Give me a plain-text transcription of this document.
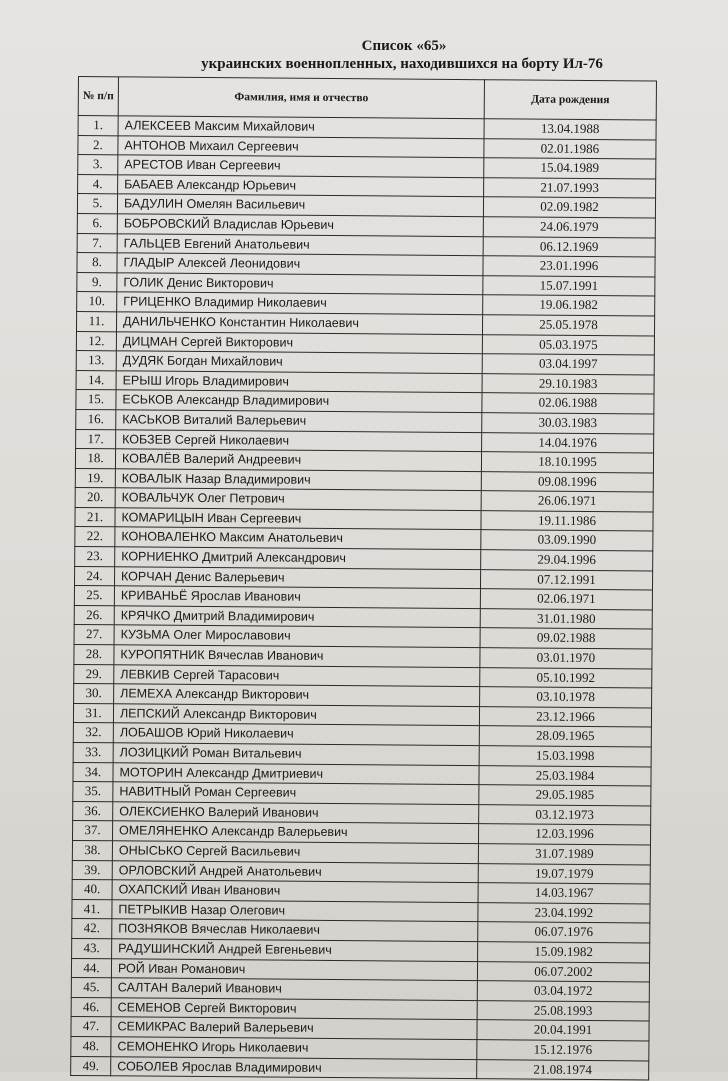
Список «65»
украинских военнопленных, находившихся на борту Ил-76
№ п/п	Фамилия, имя и отчество	Дата рождения
1.	АЛЕКСЕЕВ Максим Михайлович	13.04.1988
2.	АНТОНОВ Михаил Сергеевич	02.01.1986
3.	АРЕСТОВ Иван Сергеевич	15.04.1989
4.	БАБАЕВ Александр Юрьевич	21.07.1993
5.	БАДУЛИН Омелян Васильевич	02.09.1982
6.	БОБРОВСКИЙ Владислав Юрьевич	24.06.1979
7.	ГАЛЬЦЕВ Евгений Анатольевич	06.12.1969
8.	ГЛАДЫР Алексей Леонидович	23.01.1996
9.	ГОЛИК Денис Викторович	15.07.1991
10.	ГРИЦЕНКО Владимир Николаевич	19.06.1982
11.	ДАНИЛЬЧЕНКО Константин Николаевич	25.05.1978
12.	ДИЦМАН Сергей Викторович	05.03.1975
13.	ДУДЯК Богдан Михайлович	03.04.1997
14.	ЕРЫШ Игорь Владимирович	29.10.1983
15.	ЕСЬКОВ Александр Владимирович	02.06.1988
16.	КАСЬКОВ Виталий Валерьевич	30.03.1983
17.	КОБЗЕВ Сергей Николаевич	14.04.1976
18.	КОВАЛЁВ Валерий Андреевич	18.10.1995
19.	КОВАЛЫК Назар Владимирович	09.08.1996
20.	КОВАЛЬЧУК Олег Петрович	26.06.1971
21.	КОМАРИЦЫН Иван Сергеевич	19.11.1986
22.	КОНОВАЛЕНКО Максим Анатольевич	03.09.1990
23.	КОРНИЕНКО Дмитрий Александрович	29.04.1996
24.	КОРЧАН Денис Валерьевич	07.12.1991
25.	КРИВАНЬЁ Ярослав Иванович	02.06.1971
26.	КРЯЧКО Дмитрий Владимирович	31.01.1980
27.	КУЗЬМА Олег Мирославович	09.02.1988
28.	КУРОПЯТНИК Вячеслав Иванович	03.01.1970
29.	ЛЕВКИВ Сергей Тарасович	05.10.1992
30.	ЛЕМЕХА Александр Викторович	03.10.1978
31.	ЛЕПСКИЙ Александр Викторович	23.12.1966
32.	ЛОБАШОВ Юрий Николаевич	28.09.1965
33.	ЛОЗИЦКИЙ Роман Витальевич	15.03.1998
34.	МОТОРИН Александр Дмитриевич	25.03.1984
35.	НАВИТНЫЙ Роман Сергеевич	29.05.1985
36.	ОЛЕКСИЕНКО Валерий Иванович	03.12.1973
37.	ОМЕЛЯНЕНКО Александр Валерьевич	12.03.1996
38.	ОНЫСЬКО Сергей Васильевич	31.07.1989
39.	ОРЛОВСКИЙ Андрей Анатольевич	19.07.1979
40.	ОХАПСКИЙ Иван Иванович	14.03.1967
41.	ПЕТРЫКИВ Назар Олегович	23.04.1992
42.	ПОЗНЯКОВ Вячеслав Николаевич	06.07.1976
43.	РАДУШИНСКИЙ Андрей Евгеньевич	15.09.1982
44.	РОЙ Иван Романович	06.07.2002
45.	САЛТАН Валерий Иванович	03.04.1972
46.	СЕМЕНОВ Сергей Викторович	25.08.1993
47.	СЕМИКРАС Валерий Валерьевич	20.04.1991
48.	СЕМОНЕНКО Игорь Николаевич	15.12.1976
49.	СОБОЛЕВ Ярослав Владимирович	21.08.1974
